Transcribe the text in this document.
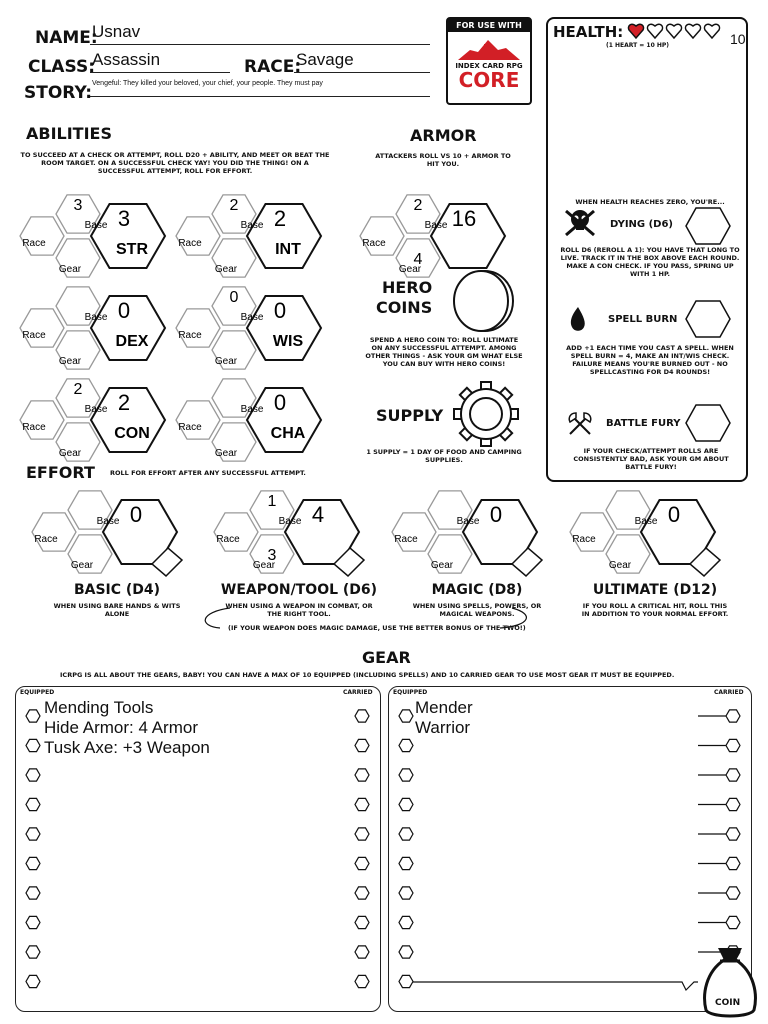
NAME:
Usnav
CLASS:
Assassin	RACE:
Savage
STORY: Vengeful: They killed your beloved, your chief, your people. They must pay
FOR USE WITH
INDEX CARD RPG
CORE
HEALTH:	10
(1 HEART = 10 HP)
WHEN HEALTH REACHES ZERO, YOU'RE...
DYING (D6)
ROLL D6 (REROLL A 1): YOU HAVE THAT LONG TO LIVE. TRACK IT IN THE BOX ABOVE EACH ROUND. MAKE A CON CHECK. IF YOU PASS, SPRING UP WITH 1 HP.
SPELL BURN
ADD +1 EACH TIME YOU CAST A SPELL. WHEN SPELL BURN = 4, MAKE AN INT/WIS CHECK. FAILURE MEANS YOU'RE BURNED OUT - NO SPELLCASTING FOR D4 ROUNDS!
BATTLE FURY
IF YOUR CHECK/ATTEMPT ROLLS ARE CONSISTENTLY BAD, ASK YOUR GM ABOUT BATTLE FURY!
ABILITIES
TO SUCCEED AT A CHECK OR ATTEMPT, ROLL D20 + ABILITY, AND MEET OR BEAT THE ROOM TARGET. ON A SUCCESSFUL CHECK YAY! YOU DID THE THING! ON A SUCCESSFUL ATTEMPT, ROLL FOR EFFORT.
Base
Race
Gear
3
3
STR
Base
Race
Gear
2
2
INT
Base
Race
Gear
0
DEX
Base
Race
Gear
0
0
WIS
Base
Race
Gear
2
2
CON
Base
Race
Gear
0
CHA
ARMOR
ATTACKERS ROLL VS 10 + ARMOR TO HIT YOU.
Base
Race
Gear
2
4
16
HERO
COINS
SPEND A HERO COIN TO: ROLL ULTIMATE ON ANY SUCCESSFUL ATTEMPT. AMONG OTHER THINGS - ASK YOUR GM WHAT ELSE YOU CAN BUY WITH HERO COINS!
SUPPLY
1 SUPPLY = 1 DAY OF FOOD AND CAMPING SUPPLIES.
EFFORT ROLL FOR EFFORT AFTER ANY SUCCESSFUL ATTEMPT.
Base
Race
Gear
0
BASIC (D4)
WHEN USING BARE HANDS & WITS ALONE
Base
Race
Gear
1
3
4
WEAPON/TOOL (D6)
WHEN USING A WEAPON IN COMBAT, OR THE RIGHT TOOL.
Base
Race
Gear
0
MAGIC (D8)
WHEN USING SPELLS, POWERS, OR MAGICAL WEAPONS.
Base
Race
Gear
0
ULTIMATE (D12)
IF YOU ROLL A CRITICAL HIT, ROLL THIS IN ADDITION TO YOUR NORMAL EFFORT.
(IF YOUR WEAPON DOES MAGIC DAMAGE, USE THE BETTER BONUS OF THE TWO!)
GEAR
ICRPG IS ALL ABOUT THE GEARS, BABY! YOU CAN HAVE A MAX OF 10 EQUIPPED (INCLUDING SPELLS) AND 10 CARRIED GEAR TO USE MOST GEAR IT MUST BE EQUIPPED.
EQUIPPED	CARRIED	EQUIPPED	CARRIED
Mending Tools
Hide Armor: 4 Armor
Tusk Axe: +3 Weapon
Mender
Warrior
COIN
